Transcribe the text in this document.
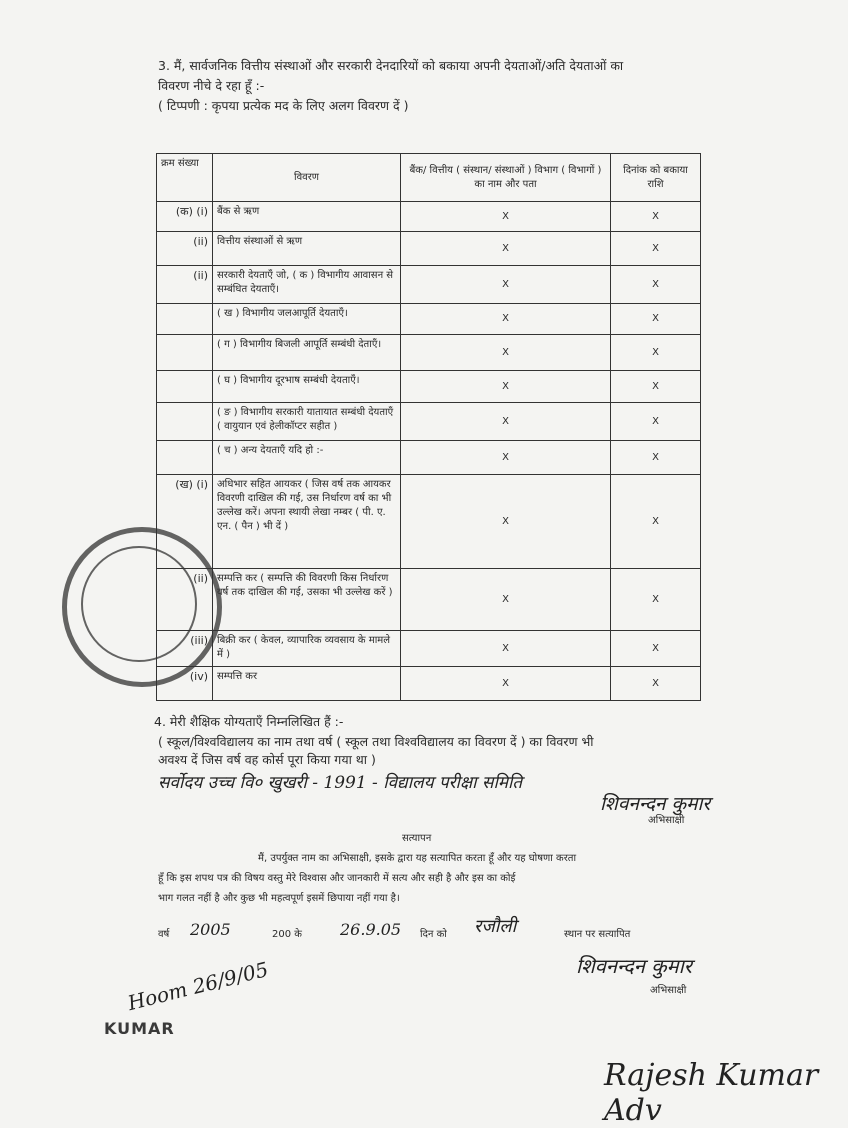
3. मैं, सार्वजनिक वित्तीय संस्थाओं और सरकारी देनदारियों को बकाया अपनी देयताओं/अति देयताओं का
विवरण नीचे दे रहा हूँ :-
( टिप्पणी : कृपया प्रत्येक मद के लिए अलग विवरण दें )
क्रम संख्या	विवरण	बैंक/ वित्तीय ( संस्थान/ संस्थाओं ) विभाग ( विभागों ) का नाम और पता	दिनांक को बकाया राशि
(क) (i)	बैंक से ऋण	X	X
(ii)	वित्तीय संस्थाओं से ऋण	X	X
(ii)	सरकारी देयताएँ जो, ( क ) विभागीय आवासन से सम्बंधित देयताएँ।	X	X
	( ख ) विभागीय जलआपूर्ति देयताएँ।	X	X
	( ग ) विभागीय बिजली आपूर्ति सम्बंधी देताएँ।	X	X
	( घ ) विभागीय दूरभाष सम्बंधी देयताएँ।	X	X
	( ङ ) विभागीय सरकारी यातायात सम्बंधी देयताएँ ( वायुयान एवं हेलीकॉप्टर सहीत )	X	X
	( च ) अन्य देयताएँ यदि हो :-	X	X
(ख) (i)	अधिभार सहित आयकर ( जिस वर्ष तक आयकर विवरणी दाखिल की गई, उस निर्धारण वर्ष का भी उल्लेख करें। अपना स्थायी लेखा नम्बर ( पी. ए. एन. ( पैन ) भी दें )	X	X
(ii)	सम्पत्ति कर ( सम्पत्ति की विवरणी किस निर्धारण वर्ष तक दाखिल की गई, उसका भी उल्लेख करें )	X	X
(iii)	बिक्री कर ( केवल, व्यापारिक व्यवसाय के मामले में )	X	X
(iv)	सम्पत्ति कर	X	X
4. मेरी शैक्षिक योग्यताएँ निम्नलिखित हैं :-
( स्कूल/विश्वविद्यालय का नाम तथा वर्ष ( स्कूल तथा विश्वविद्यालय का विवरण दें ) का विवरण भी
अवश्य दें जिस वर्ष वह कोर्स पूरा किया गया था )
सर्वोदय उच्च वि० खुखरी - 1991 - विद्यालय परीक्षा समिति
शिवनन्दन कुमार
अभिसाक्षी
सत्यापन
मैं, उपर्युक्त नाम का अभिसाक्षी, इसके द्वारा यह सत्यापित करता हूँ और यह घोषणा करता
हूँ कि इस शपथ पत्र की विषय वस्तु मेरे विश्वास और जानकारी में सत्य और सही है और इस का कोई
भाग गलत नहीं है और कुछ भी महत्वपूर्ण इसमें छिपाया नहीं गया है।
वर्ष 2005	200 के 26.9.05 दिन को रजौली	स्थान पर सत्यापित
शिवनन्दन कुमार
अभिसाक्षी
Hoom 26/9/05
KUMAR
Rajesh Kumar Adv
